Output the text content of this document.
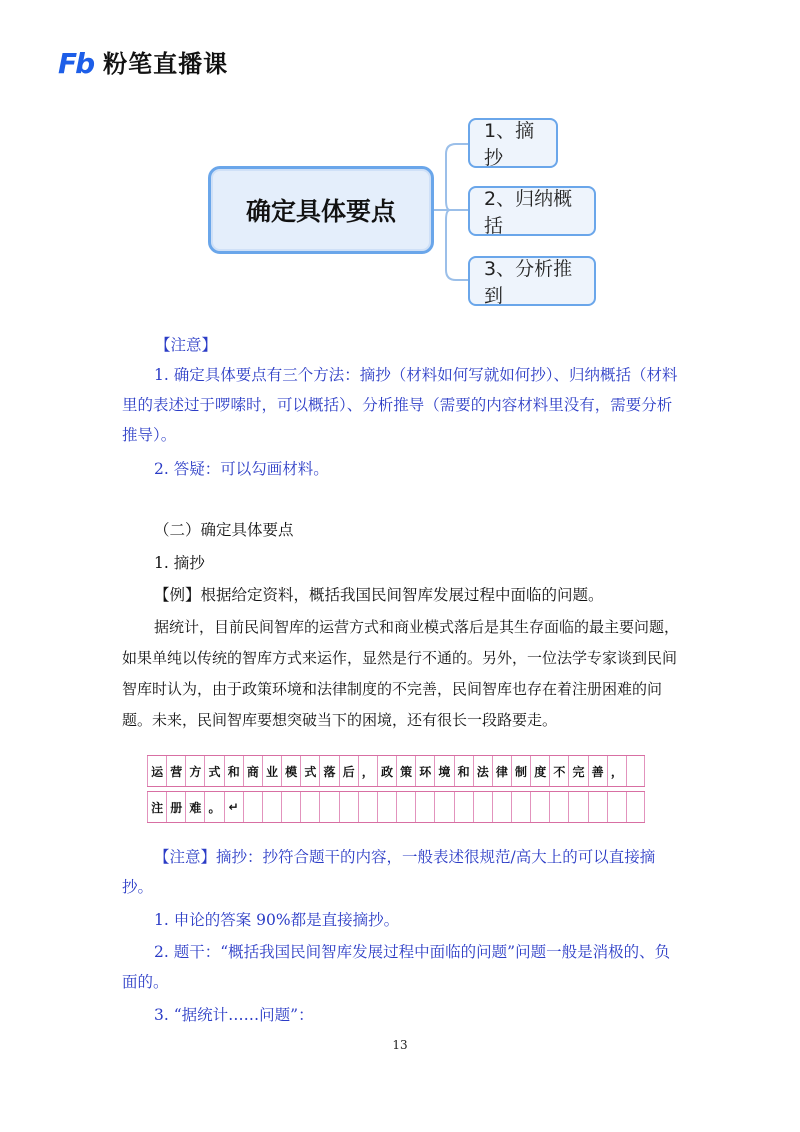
Fb 粉笔直播课
确定具体要点
1、摘抄
2、归纳概括
3、分析推到
【注意】
1. 确定具体要点有三个方法：摘抄（材料如何写就如何抄）、归纳概括（材料里的表述过于啰嗦时，可以概括）、分析推导（需要的内容材料里没有，需要分析推导）。
2. 答疑：可以勾画材料。
（二）确定具体要点
1. 摘抄
【例】根据给定资料，概括我国民间智库发展过程中面临的问题。
据统计，目前民间智库的运营方式和商业模式落后是其生存面临的最主要问题，如果单纯以传统的智库方式来运作，显然是行不通的。另外，一位法学专家谈到民间智库时认为，由于政策环境和法律制度的不完善，民间智库也存在着注册困难的问题。未来，民间智库要想突破当下的困境，还有很长一段路要走。
运 营 方 式 和 商 业 模 式 落 后 ， 政 策 环 境 和 法 律 制 度 不 完 善 ，
注 册 难 。 ↵
【注意】摘抄：抄符合题干的内容，一般表述很规范/高大上的可以直接摘抄。
1. 申论的答案 90%都是直接摘抄。
2. 题干：“概括我国民间智库发展过程中面临的问题”问题一般是消极的、负面的。
3. “据统计……问题”：
13
